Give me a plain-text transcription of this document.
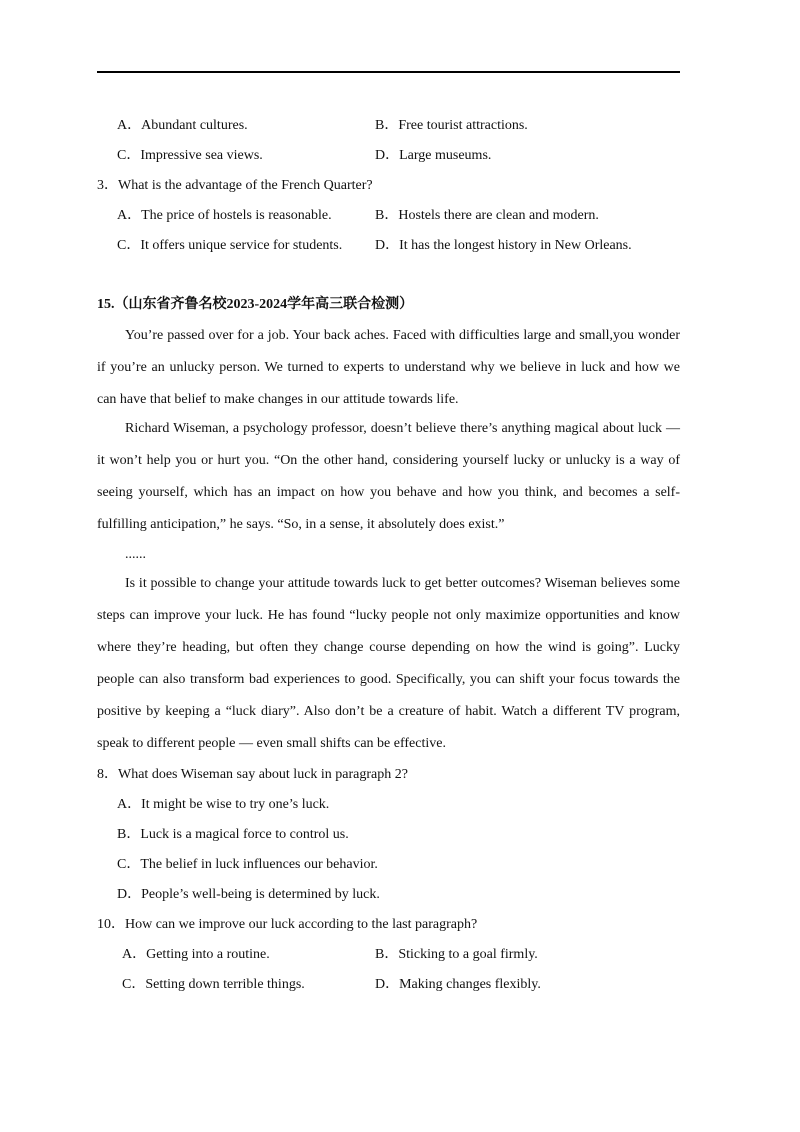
A．Abundant cultures.	B．Free tourist attractions.
C．Impressive sea views.	D．Large museums.
3．What is the advantage of the French Quarter?
A．The price of hostels is reasonable.	B．Hostels there are clean and modern.
C．It offers unique service for students. D．It has the longest history in New Orleans.
15.（山东省齐鲁名校2023-2024学年高三联合检测）
You’re passed over for a job. Your back aches. Faced with difficulties large and small,you wonder if you’re an unlucky person. We turned to experts to understand why we believe in luck and how we can have that belief to make changes in our attitude towards life.
Richard Wiseman, a psychology professor, doesn’t believe there’s anything magical about luck — it won’t help you or hurt you. “On the other hand, considering yourself lucky or unlucky is a way of seeing yourself, which has an impact on how you behave and how you think, and becomes a self-fulfilling anticipation,” he says. “So, in a sense, it absolutely does exist.”
......
Is it possible to change your attitude towards luck to get better outcomes? Wiseman believes some steps can improve your luck. He has found “lucky people not only maximize opportunities and know where they’re heading, but often they change course depending on how the wind is going”. Lucky people can also transform bad experiences to good. Specifically, you can shift your focus towards the positive by keeping a “luck diary”. Also don’t be a creature of habit. Watch a different TV program, speak to different people — even small shifts can be effective.
8．What does Wiseman say about luck in paragraph 2?
A．It might be wise to try one’s luck.
B．Luck is a magical force to control us.
C．The belief in luck influences our behavior.
D．People’s well-being is determined by luck.
10．How can we improve our luck according to the last paragraph?
A．Getting into a routine.	B．Sticking to a goal firmly.
C．Setting down terrible things.	D．Making changes flexibly.
